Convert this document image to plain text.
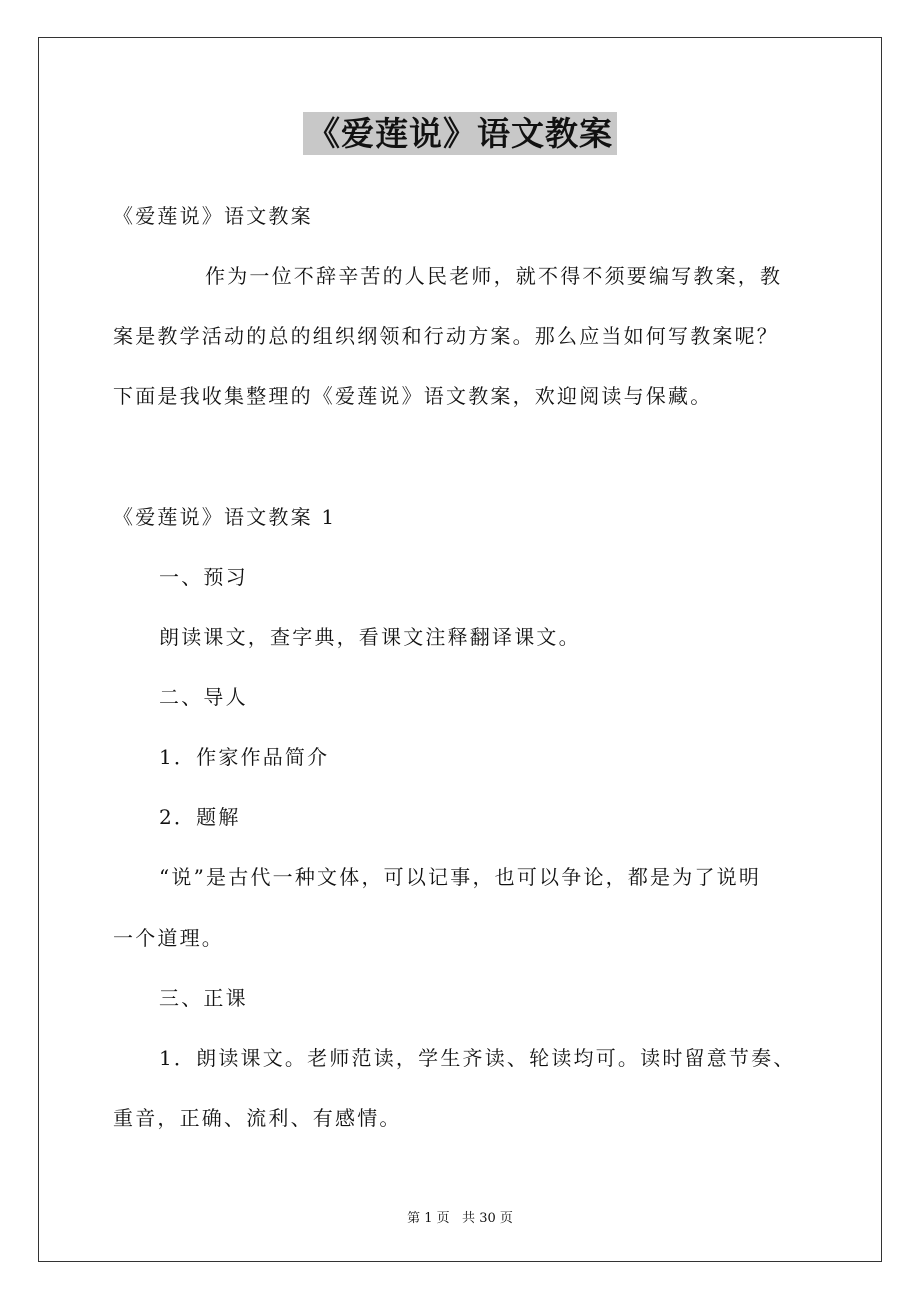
《爱莲说》语文教案
《爱莲说》语文教案
作为一位不辞辛苦的人民老师，就不得不须要编写教案，教
案是教学活动的总的组织纲领和行动方案。那么应当如何写教案呢？
下面是我收集整理的《爱莲说》语文教案，欢迎阅读与保藏。
《爱莲说》语文教案 1
一、预习
朗读课文，查字典，看课文注释翻译课文。
二、导人
1．作家作品简介
2．题解
“说”是古代一种文体，可以记事，也可以争论，都是为了说明
一个道理。
三、正课
1．朗读课文。老师范读，学生齐读、轮读均可。读时留意节奏、
重音，正确、流利、有感情。
第 1 页   共 30 页
